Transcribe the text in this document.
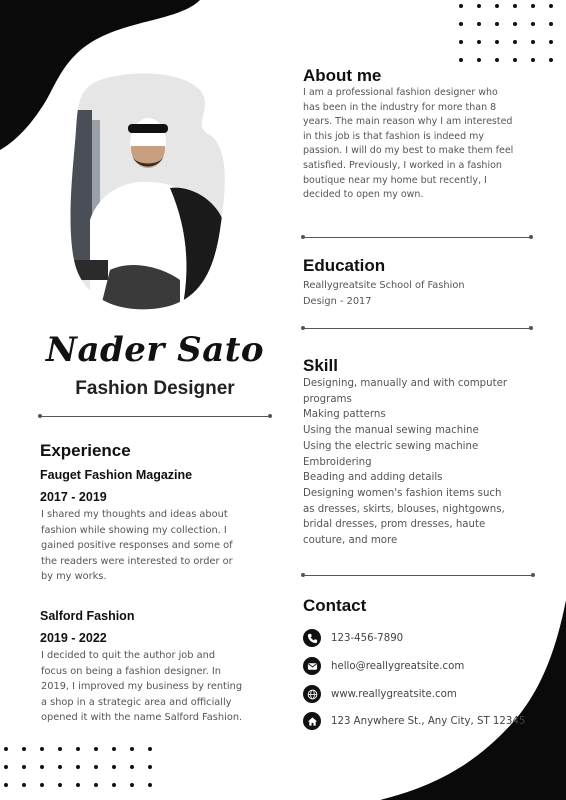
Nader Sato
Fashion Designer
Experience
Fauget Fashion Magazine
2017 - 2019
I shared my thoughts and ideas about
fashion while showing my collection. I
gained positive responses and some of
the readers were interested to order or
by my works.
Salford Fashion
2019 - 2022
I decided to quit the author job and
focus on being a fashion designer. In
2019, I improved my business by renting
a shop in a strategic area and officially
opened it with the name Salford Fashion.
About me
I am a professional fashion designer who
has been in the industry for more than 8
years. The main reason why I am interested
in this job is that fashion is indeed my
passion. I will do my best to make them feel
satisfied. Previously, I worked in a fashion
boutique near my home but recently, I
decided to open my own.
Education
Reallygreatsite School of Fashion
Design - 2017
Skill
Designing, manually and with computer
programs
Making patterns
Using the manual sewing machine
Using the electric sewing machine
Embroidering
Beading and adding details
Designing women's fashion items such
as dresses, skirts, blouses, nightgowns,
bridal dresses, prom dresses, haute
couture, and more
Contact
123-456-7890
hello@reallygreatsite.com
www.reallygreatsite.com
123 Anywhere St., Any City, ST 12345
حراج
